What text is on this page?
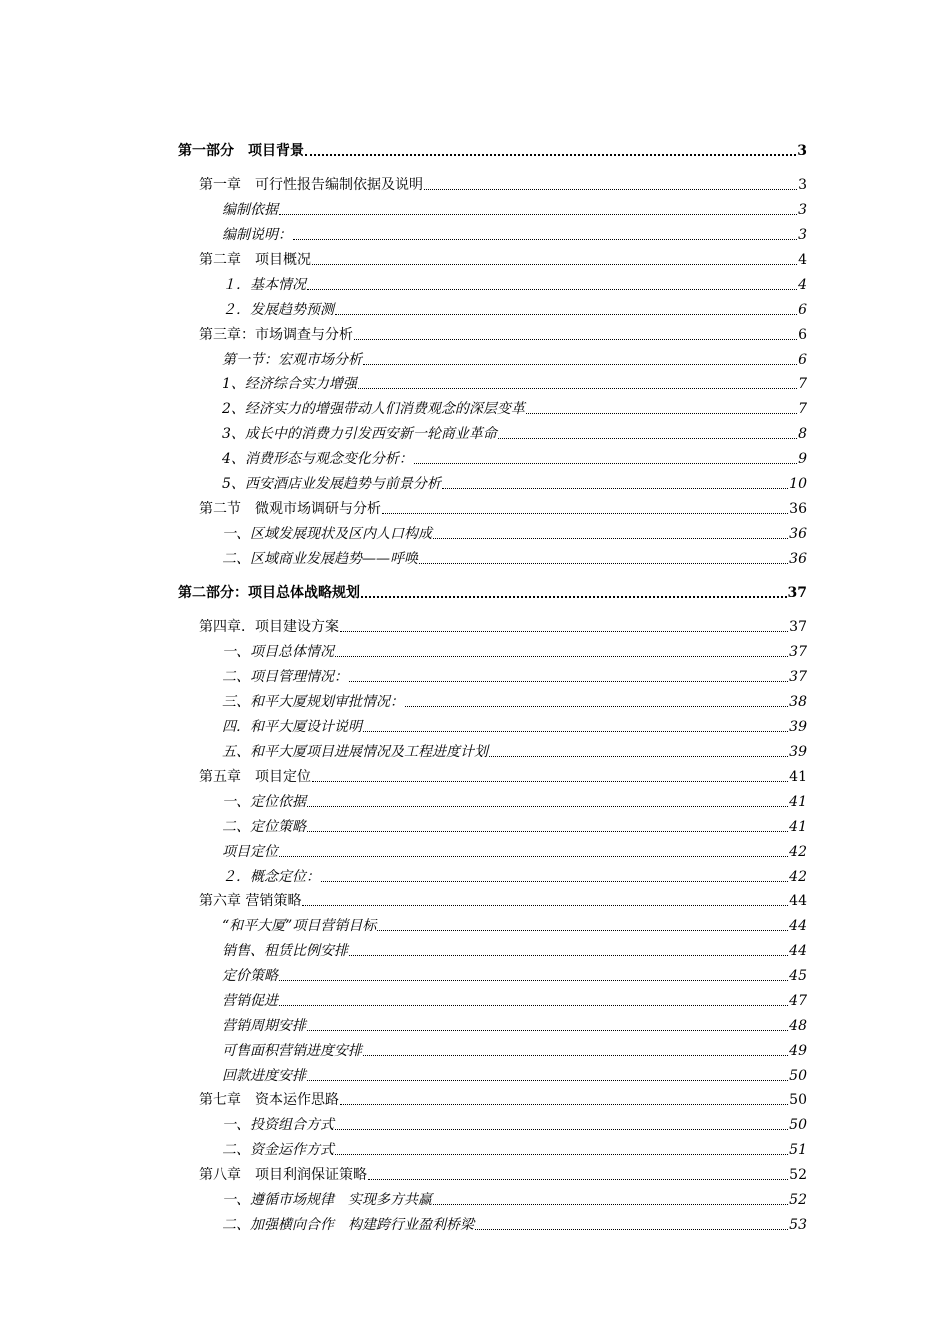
第一部分　项目背景	3
第一章　可行性报告编制依据及说明	3
编制依据	3
编制说明：	3
第二章　项目概况	4
１．基本情况	4
２．发展趋势预测	6
第三章：市场调查与分析	6
第一节：宏观市场分析	6
1、经济综合实力增强	7
2、经济实力的增强带动人们消费观念的深层变革	7
3、成长中的消费力引发西安新一轮商业革命	8
4、消费形态与观念变化分析：	9
5、西安酒店业发展趋势与前景分析	10
第二节　微观市场调研与分析	36
一、区域发展现状及区内人口构成	36
二、区域商业发展趋势——呼唤	36
第二部分：项目总体战略规划	37
第四章．项目建设方案	37
一、项目总体情况	37
二、项目管理情况：	37
三、和平大厦规划审批情况：	38
四．和平大厦设计说明	39
五、和平大厦项目进展情况及工程进度计划	39
第五章　项目定位	41
一、定位依据	41
二、定位策略	41
项目定位	42
２．概念定位：	42
第六章 营销策略	44
“和平大厦”项目营销目标	44
销售、租赁比例安排	44
定价策略	45
营销促进	47
营销周期安排	48
可售面积营销进度安排	49
回款进度安排	50
第七章　资本运作思路	50
一、投资组合方式	50
二、资金运作方式	51
第八章　项目利润保证策略	52
一、遵循市场规律　实现多方共赢	52
二、加强横向合作　构建跨行业盈利桥梁	53
